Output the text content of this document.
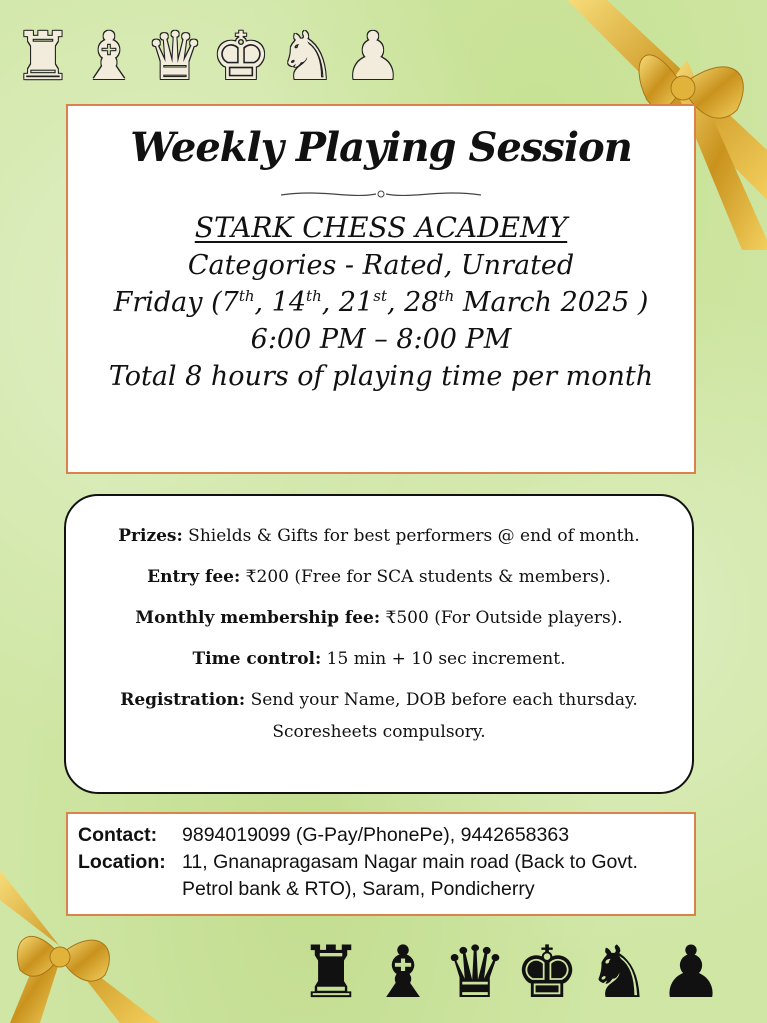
♜ ♝ ♛ ♚ ♞ ♟
Weekly Playing Session
STARK CHESS ACADEMY
Categories - Rated, Unrated
Friday (7th, 14th, 21st, 28th March 2025 )
6:00 PM – 8:00 PM
Total 8 hours of playing time per month
Prizes: Shields & Gifts for best performers @ end of month.
Entry fee: ₹200 (Free for SCA students & members).
Monthly membership fee: ₹500 (For Outside players).
Time control: 15 min + 10 sec increment.
Registration: Send your Name, DOB before each thursday.
Scoresheets compulsory.
Contact:	9894019099 (G-Pay/PhonePe), 9442658363
Location: 11, Gnanapragasam Nagar main road (Back to Govt. Petrol bank & RTO), Saram, Pondicherry
♜ ♝ ♛ ♚ ♞ ♟
